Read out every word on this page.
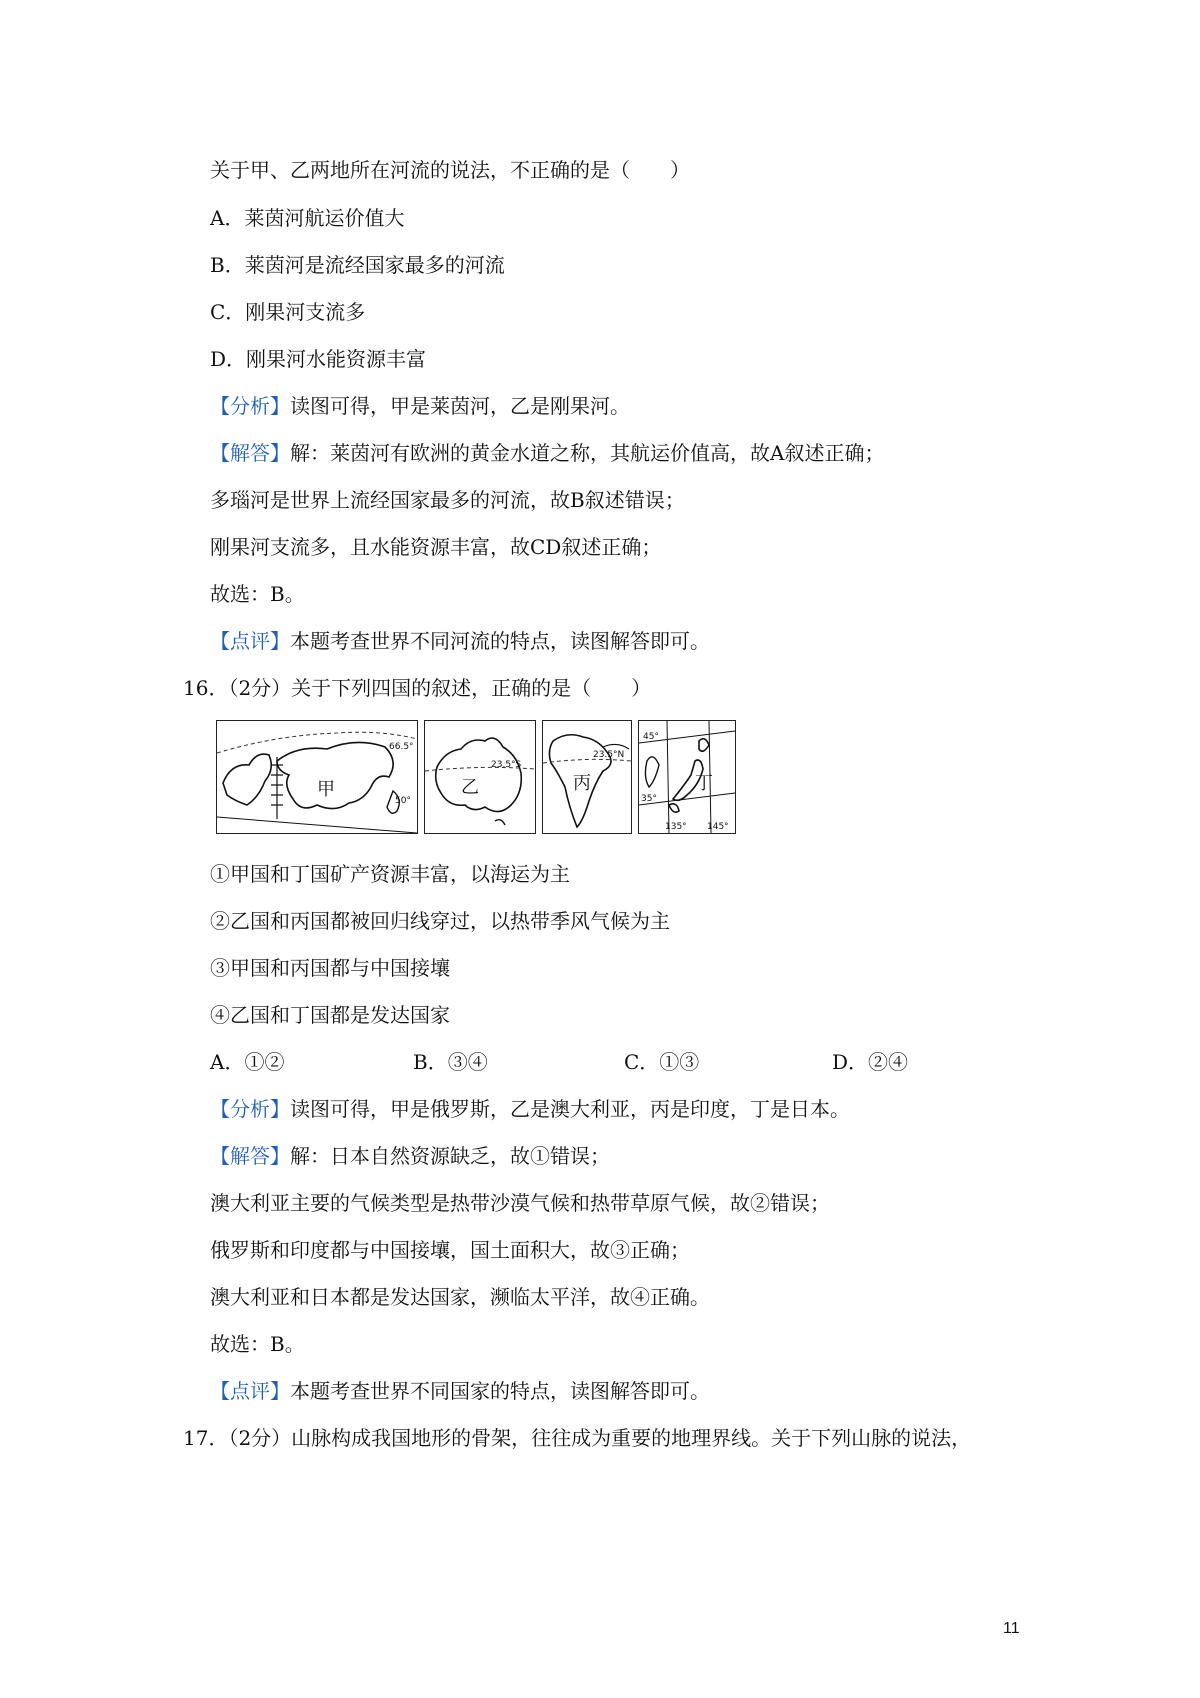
关于甲、乙两地所在河流的说法，不正确的是（　　）
A．莱茵河航运价值大
B．莱茵河是流经国家最多的河流
C．刚果河支流多
D．刚果河水能资源丰富
【分析】读图可得，甲是莱茵河，乙是刚果河。
【解答】解：莱茵河有欧洲的黄金水道之称，其航运价值高，故A叙述正确；
多瑙河是世界上流经国家最多的河流，故B叙述错误；
刚果河支流多，且水能资源丰富，故CD叙述正确；
故选：B。
【点评】本题考查世界不同河流的特点，读图解答即可。
16．（2分）关于下列四国的叙述，正确的是（　　）
66.5°
50°
甲
23.5°S
乙
23.5°N
丙
45°
35°
135° 145°
丁
①甲国和丁国矿产资源丰富，以海运为主
②乙国和丙国都被回归线穿过，以热带季风气候为主
③甲国和丙国都与中国接壤
④乙国和丁国都是发达国家
A．①②	B．③④	C．①③	D．②④
【分析】读图可得，甲是俄罗斯，乙是澳大利亚，丙是印度，丁是日本。
【解答】解：日本自然资源缺乏，故①错误；
澳大利亚主要的气候类型是热带沙漠气候和热带草原气候，故②错误；
俄罗斯和印度都与中国接壤，国土面积大，故③正确；
澳大利亚和日本都是发达国家，濒临太平洋，故④正确。
故选：B。
【点评】本题考查世界不同国家的特点，读图解答即可。
17．（2分）山脉构成我国地形的骨架，往往成为重要的地理界线。关于下列山脉的说法，
11
